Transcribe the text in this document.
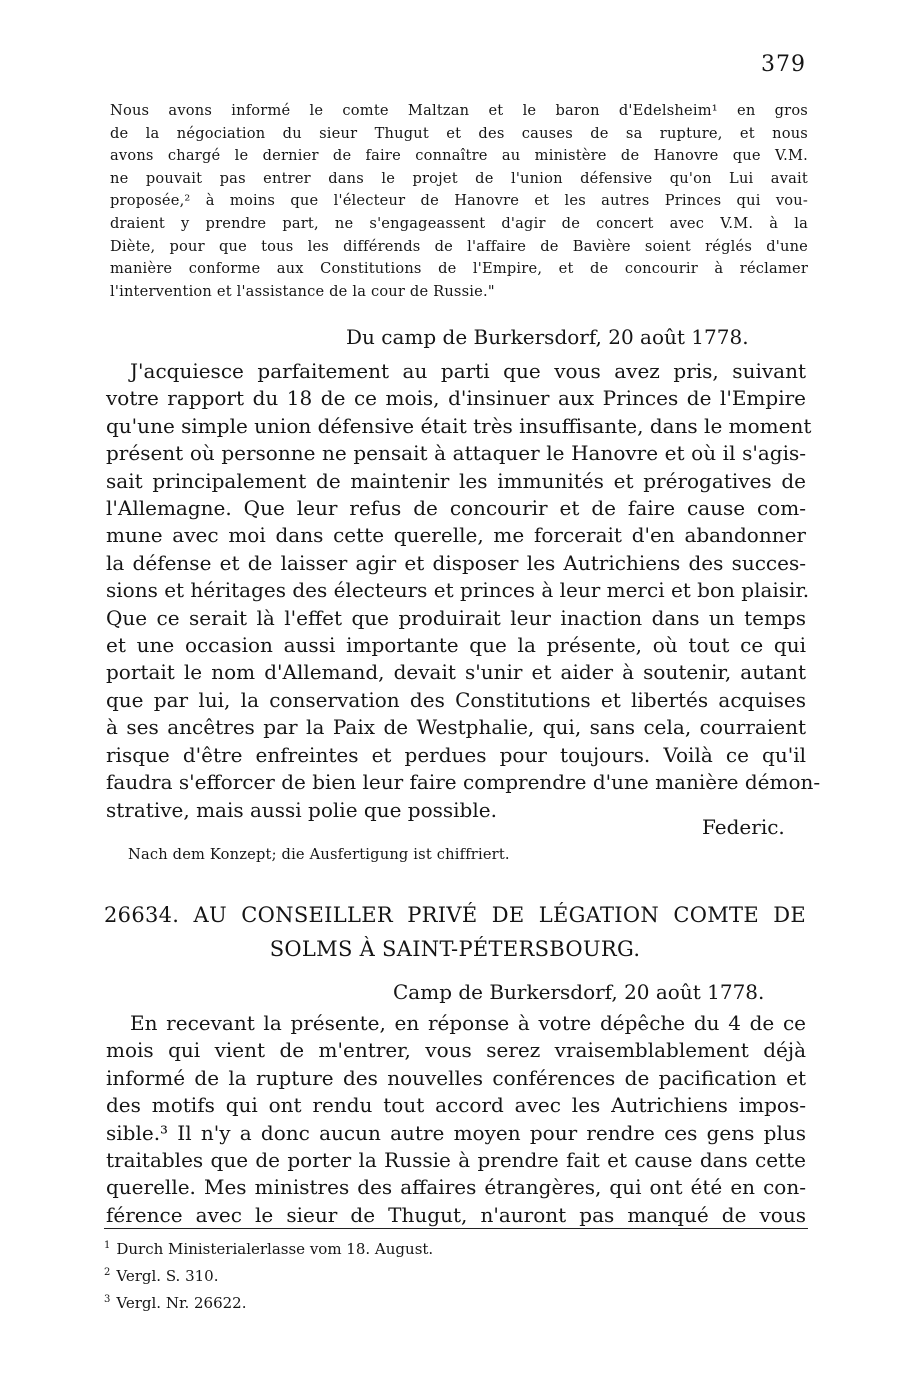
379
Nous avons informé le comte Maltzan et le baron d'Edelsheim¹ en gros
de la négociation du sieur Thugut et des causes de sa rupture, et nous
avons chargé le dernier de faire connaître au ministère de Hanovre que V.M.
ne pouvait pas entrer dans le projet de l'union défensive qu'on Lui avait
proposée,² à moins que l'électeur de Hanovre et les autres Princes qui vou-
draient y prendre part, ne s'engageassent d'agir de concert avec V.M. à la
Diète, pour que tous les différends de l'affaire de Bavière soient réglés d'une
manière conforme aux Constitutions de l'Empire, et de concourir à réclamer
l'intervention et l'assistance de la cour de Russie."
Du camp de Burkersdorf, 20 août 1778.
J'acquiesce parfaitement au parti que vous avez pris, suivant
votre rapport du 18 de ce mois, d'insinuer aux Princes de l'Empire
qu'une simple union défensive était très insuffisante, dans le moment
présent où personne ne pensait à attaquer le Hanovre et où il s'agis-
sait principalement de maintenir les immunités et prérogatives de
l'Allemagne. Que leur refus de concourir et de faire cause com-
mune avec moi dans cette querelle, me forcerait d'en abandonner
la défense et de laisser agir et disposer les Autrichiens des succes-
sions et héritages des électeurs et princes à leur merci et bon plaisir.
Que ce serait là l'effet que produirait leur inaction dans un temps
et une occasion aussi importante que la présente, où tout ce qui
portait le nom d'Allemand, devait s'unir et aider à soutenir, autant
que par lui, la conservation des Constitutions et libertés acquises
à ses ancêtres par la Paix de Westphalie, qui, sans cela, courraient
risque d'être enfreintes et perdues pour toujours. Voilà ce qu'il
faudra s'efforcer de bien leur faire comprendre d'une manière démon-
strative, mais aussi polie que possible.
Federic.
Nach dem Konzept; die Ausfertigung ist chiffriert.
26634. AU CONSEILLER PRIVÉ DE LÉGATION COMTE DE
SOLMS À SAINT-PÉTERSBOURG.
Camp de Burkersdorf, 20 août 1778.
En recevant la présente, en réponse à votre dépêche du 4 de ce
mois qui vient de m'entrer, vous serez vraisemblablement déjà
informé de la rupture des nouvelles conférences de pacification et
des motifs qui ont rendu tout accord avec les Autrichiens impos-
sible.³ Il n'y a donc aucun autre moyen pour rendre ces gens plus
traitables que de porter la Russie à prendre fait et cause dans cette
querelle. Mes ministres des affaires étrangères, qui ont été en con-
férence avec le sieur de Thugut, n'auront pas manqué de vous
$^1$ Durch Ministerialerlasse vom 18. August.
$^2$ Vergl. S. 310.
$^3$ Vergl. Nr. 26622.
